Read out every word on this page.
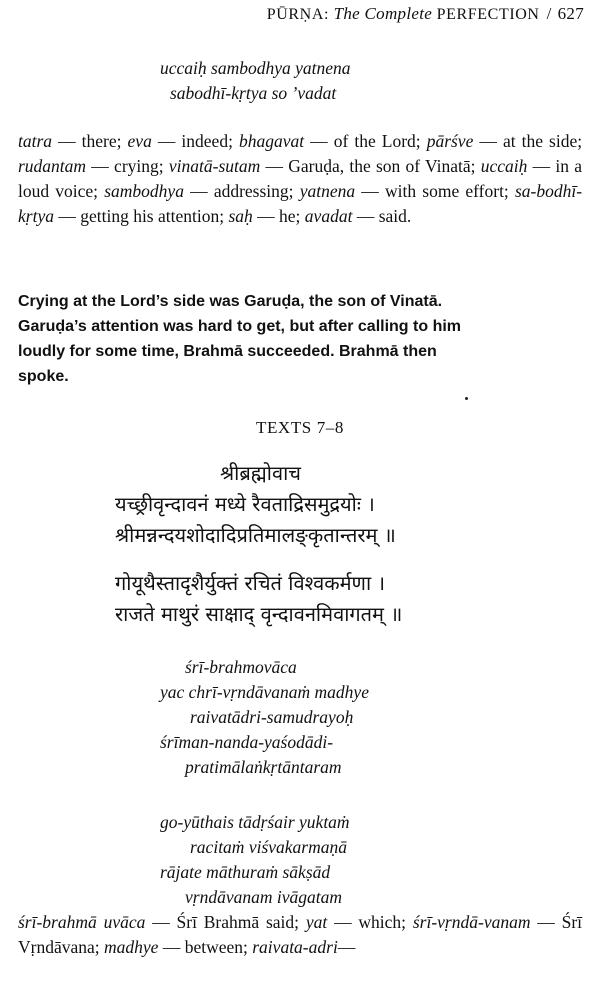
PŪRṆA: The Complete PERFECTION / 627
uccaiḥ sambodhya yatnena
sabodhī-kṛtya so ’vadat
tatra — there; eva — indeed; bhagavat — of the Lord; pārśve — at the side; rudantam — crying; vinatā-sutam — Garuḍa, the son of Vinatā; uccaiḥ — in a loud voice; sambodhya — addressing; yatnena — with some effort; sa-bodhī-kṛtya — getting his attention; saḥ — he; avadat — said.
Crying at the Lord’s side was Garuḍa, the son of Vinatā.
Garuḍa’s attention was hard to get, but after calling to him
loudly for some time, Brahmā succeeded. Brahmā then
spoke.
TEXTS 7–8
श्रीब्रह्मोवाच
यच्छ्रीवृन्दावनं मध्ये रैवताद्रिसमुद्रयोः ।
श्रीमन्नन्दयशोदादिप्रतिमालङ्कृतान्तरम् ॥
गोयूथैस्तादृशैर्युक्तं रचितं विश्वकर्मणा ।
राजते माथुरं साक्षाद् वृन्दावनमिवागतम् ॥
śrī-brahmovāca
yac chrī-vṛndāvanaṁ madhye
raivatādri-samudrayoḥ
śrīman-nanda-yaśodādi-
pratimālaṅkṛtāntaram
go-yūthais tādṛśair yuktaṁ
racitaṁ viśvakarmaṇā
rājate māthuraṁ sākṣād
vṛndāvanam ivāgatam
śrī-brahmā uvāca — Śrī Brahmā said; yat — which; śrī-vṛndā-vanam — Śrī Vṛndāvana; madhye — between; raivata-adri—
